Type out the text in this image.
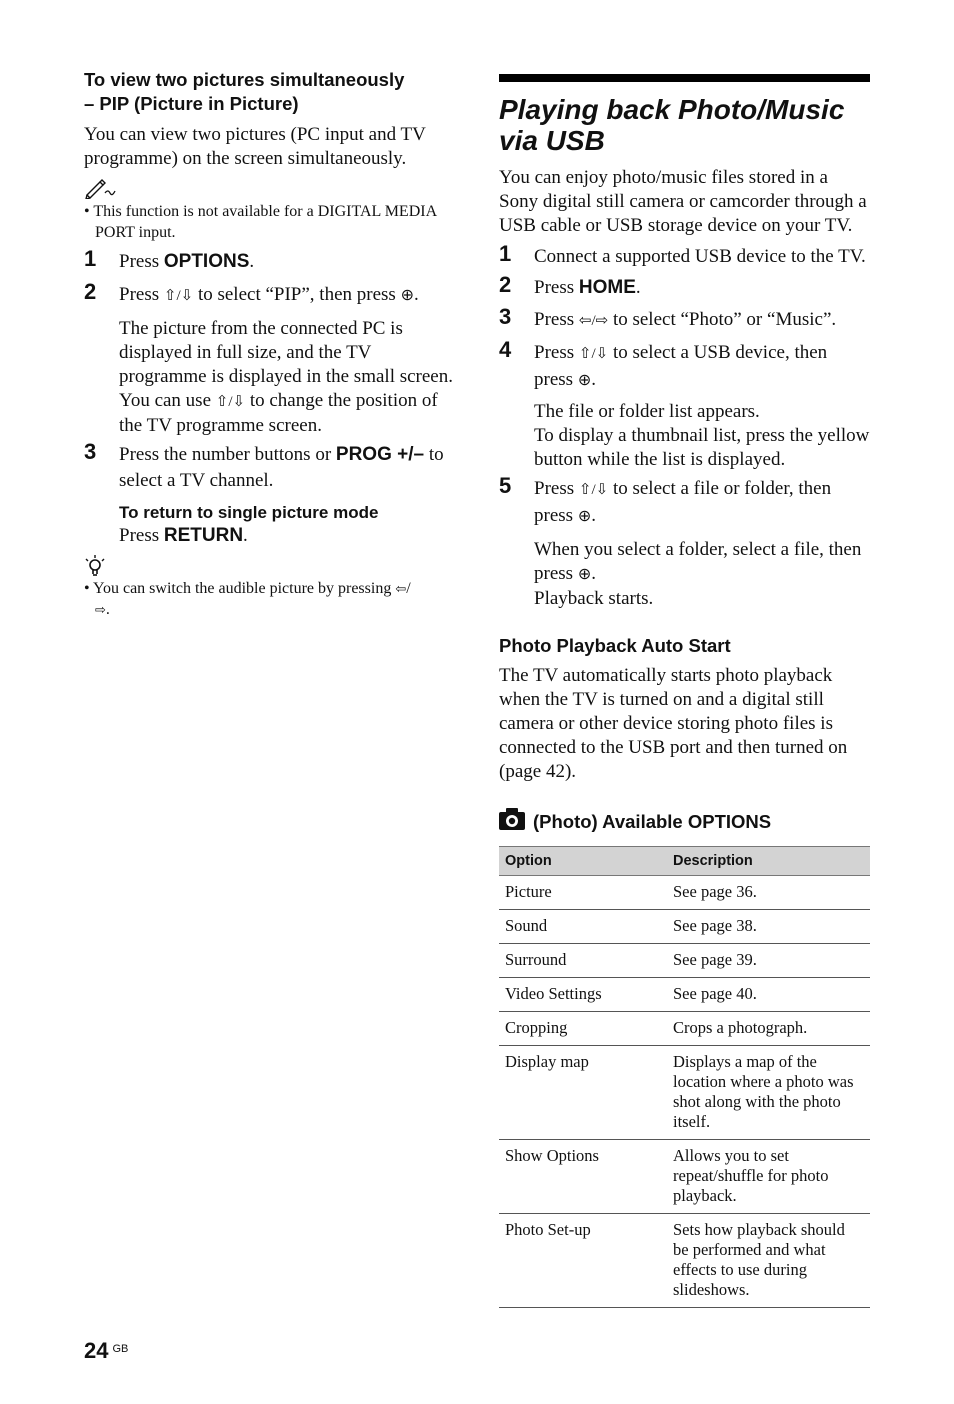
To view two pictures simultaneously
– PIP (Picture in Picture)

You can view two pictures (PC input and TV programme) on the screen simultaneously.

• This function is not available for a DIGITAL MEDIA PORT input.

1 Press OPTIONS.
2 Press ⇧/⇩ to select “PIP”, then press ⊕.
The picture from the connected PC is displayed in full size, and the TV programme is displayed in the small screen.
You can use ⇧/⇩ to change the position of the TV programme screen.
3 Press the number buttons or PROG +/– to select a TV channel.
To return to single picture mode
Press RETURN.

• You can switch the audible picture by pressing ⇦/
⇨.

Playing back Photo/Music via USB

You can enjoy photo/music files stored in a Sony digital still camera or camcorder through a USB cable or USB storage device on your TV.

1 Connect a supported USB device to the TV.
2 Press HOME.
3 Press ⇦/⇨ to select “Photo” or “Music”.
4 Press ⇧/⇩ to select a USB device, then press ⊕.
The file or folder list appears.
To display a thumbnail list, press the yellow button while the list is displayed.
5 Press ⇧/⇩ to select a file or folder, then press ⊕.
When you select a folder, select a file, then press ⊕.
Playback starts.
Photo Playback Auto Start

The TV automatically starts photo playback when the TV is turned on and a digital still camera or other device storing photo files is connected to the USB port and then turned on (page 42).

(Photo) Available OPTIONS
Option	Description
Picture	See page 36.
Sound	See page 38.
Surround	See page 39.
Video Settings	See page 40.
Cropping	Crops a photograph.
Display map	Displays a map of the location where a photo was shot along with the photo itself.
Show Options	Allows you to set repeat/shuffle for photo playback.
Photo Set-up	Sets how playback should be performed and what effects to use during slideshows.
24 $^{GB}$
